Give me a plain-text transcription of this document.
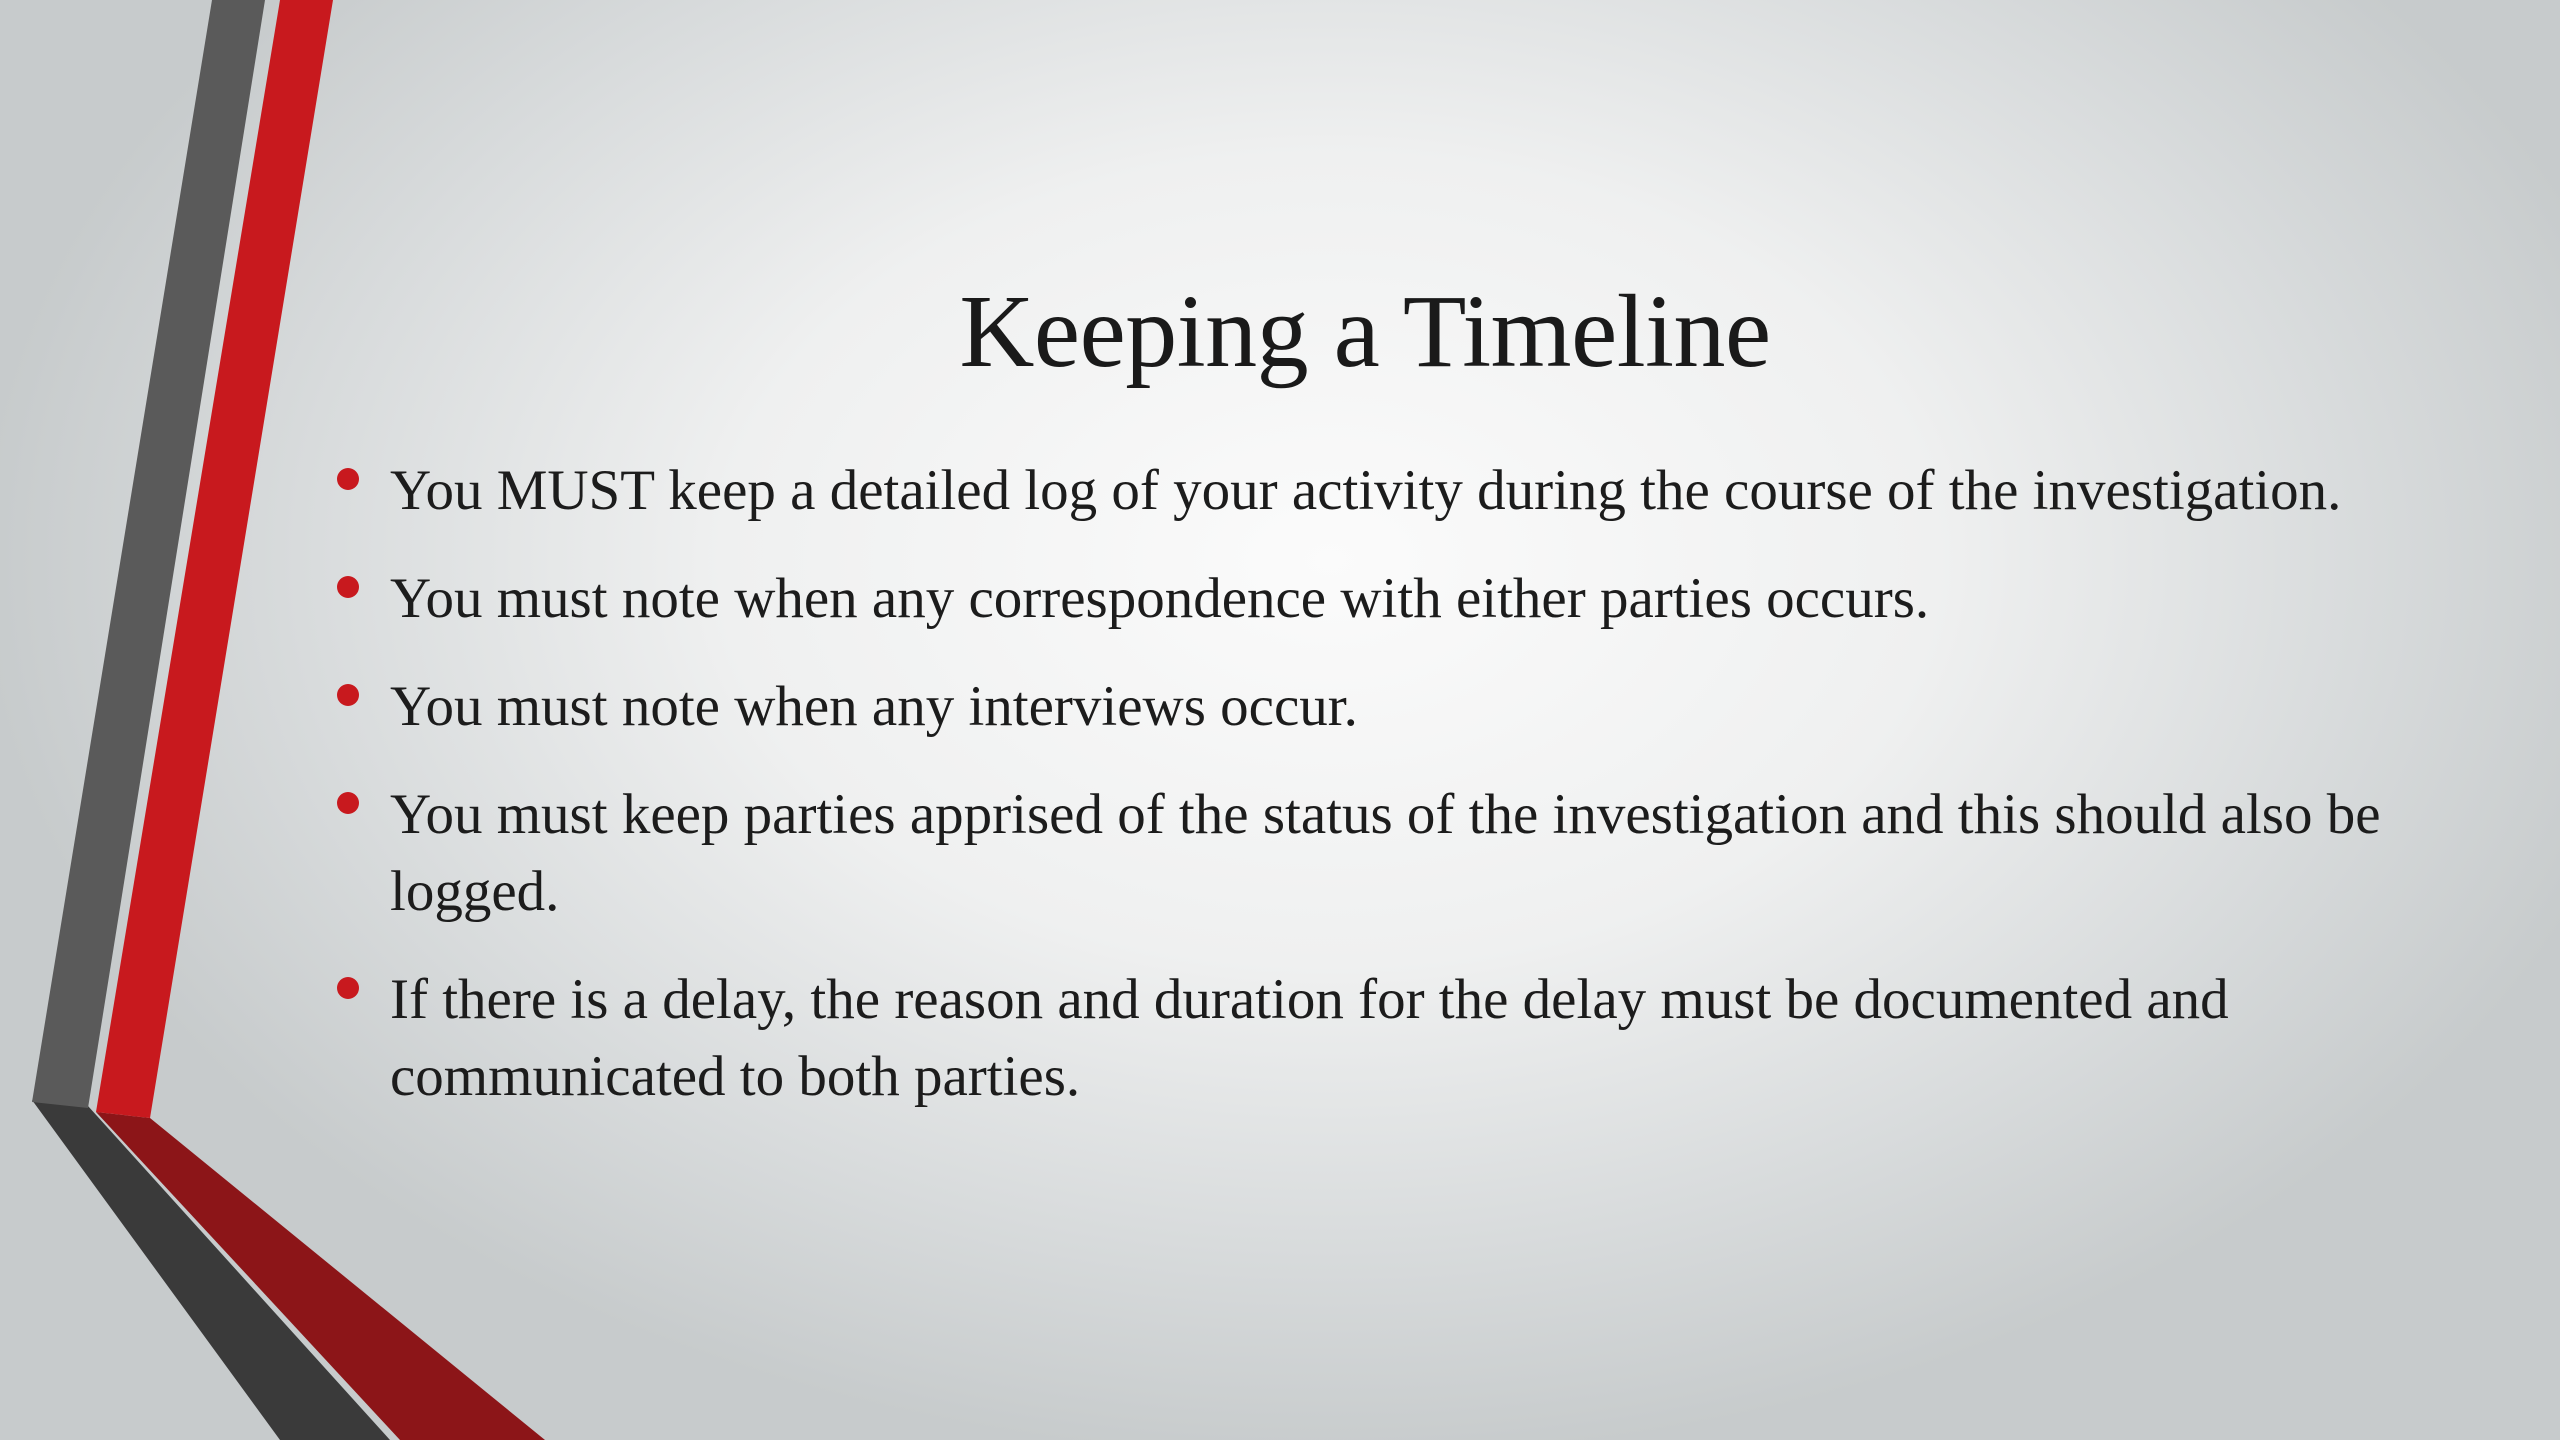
Keeping a Timeline
You MUST keep a detailed log of your activity during the course of the investigation.
You must note when any correspondence with either parties occurs.
You must note when any interviews occur.
You must keep parties apprised of the status of the investigation and this should also be logged.
If there is a delay, the reason and duration for the delay must be documented and communicated to both parties.
